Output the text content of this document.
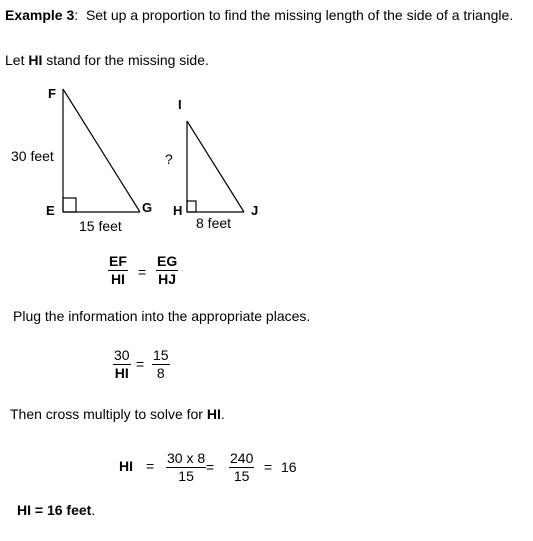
Example 3: Set up a proportion to find the missing length of the side of a triangle.
Let HI stand for the missing side.
F
E	G
30 feet
15 feet
I
H	J
?
8 feet
$\frac{EF}{HI} = \frac{EG}{HJ}$
Plug the information into the appropriate places.
$\frac{30}{HI} = \frac{15}{8}$
Then cross multiply to solve for HI.
HI = $\frac{30 x 8}{15} = \frac{240}{15} = 16$
HI = 16 feet.
